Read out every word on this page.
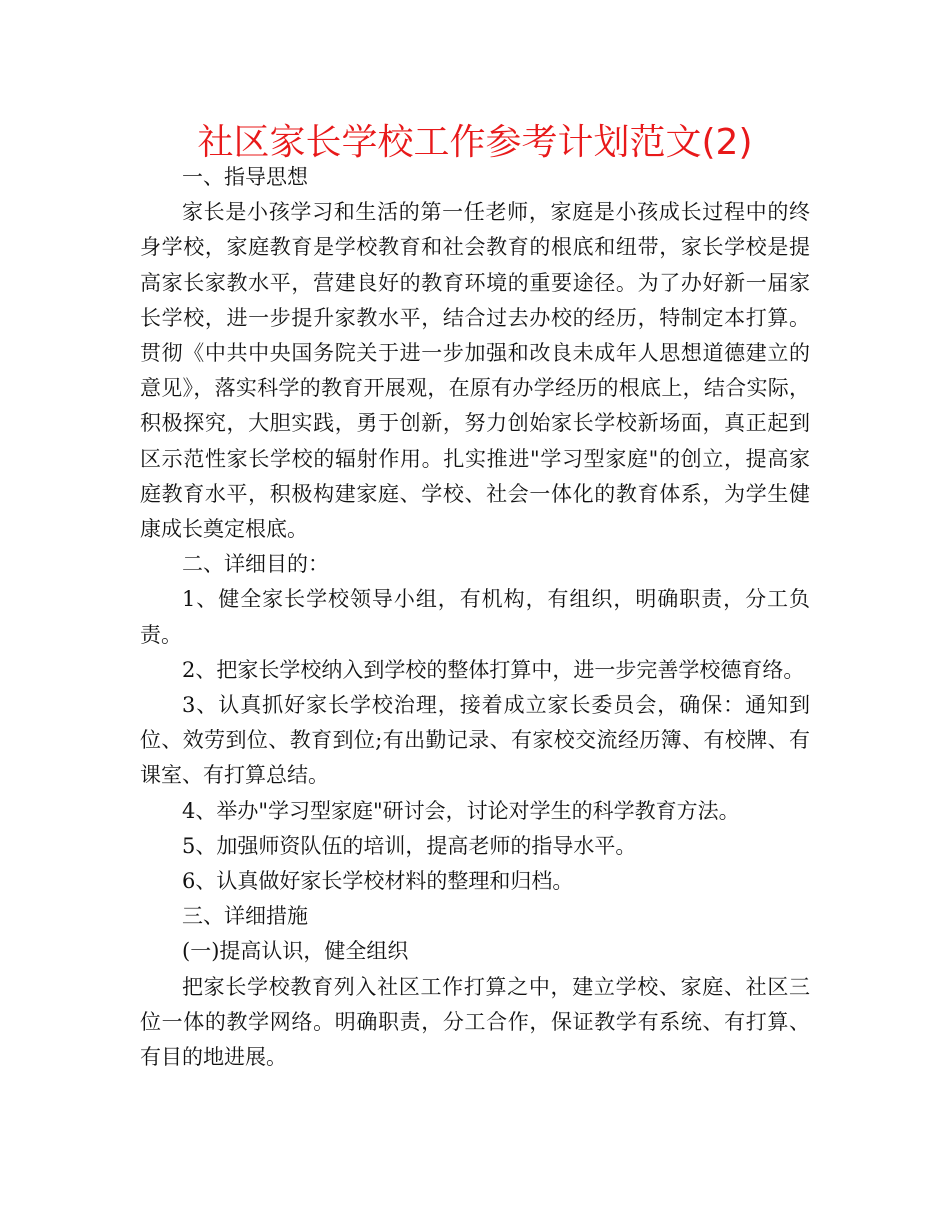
社区家长学校工作参考计划范文(2)

一、指导思想

家长是小孩学习和生活的第一任老师，家庭是小孩成长过程中的终身学校，家庭教育是学校教育和社会教育的根底和纽带，家长学校是提高家长家教水平，营建良好的教育环境的重要途径。为了办好新一届家长学校，进一步提升家教水平，结合过去办校的经历，特制定本打算。贯彻《中共中央国务院关于进一步加强和改良未成年人思想道德建立的意见》，落实科学的教育开展观，在原有办学经历的根底上，结合实际，积极探究，大胆实践，勇于创新，努力创始家长学校新场面，真正起到区示范性家长学校的辐射作用。扎实推进"学习型家庭"的创立，提高家庭教育水平，积极构建家庭、学校、社会一体化的教育体系，为学生健康成长奠定根底。

二、详细目的：

1、健全家长学校领导小组，有机构，有组织，明确职责，分工负责。

2、把家长学校纳入到学校的整体打算中，进一步完善学校德育络。

3、认真抓好家长学校治理，接着成立家长委员会，确保：通知到位、效劳到位、教育到位;有出勤记录、有家校交流经历簿、有校牌、有课室、有打算总结。

4、举办"学习型家庭"研讨会，讨论对学生的科学教育方法。

5、加强师资队伍的培训，提高老师的指导水平。

6、认真做好家长学校材料的整理和归档。

三、详细措施

(一)提高认识，健全组织

把家长学校教育列入社区工作打算之中，建立学校、家庭、社区三位一体的教学网络。明确职责，分工合作，保证教学有系统、有打算、有目的地进展。
